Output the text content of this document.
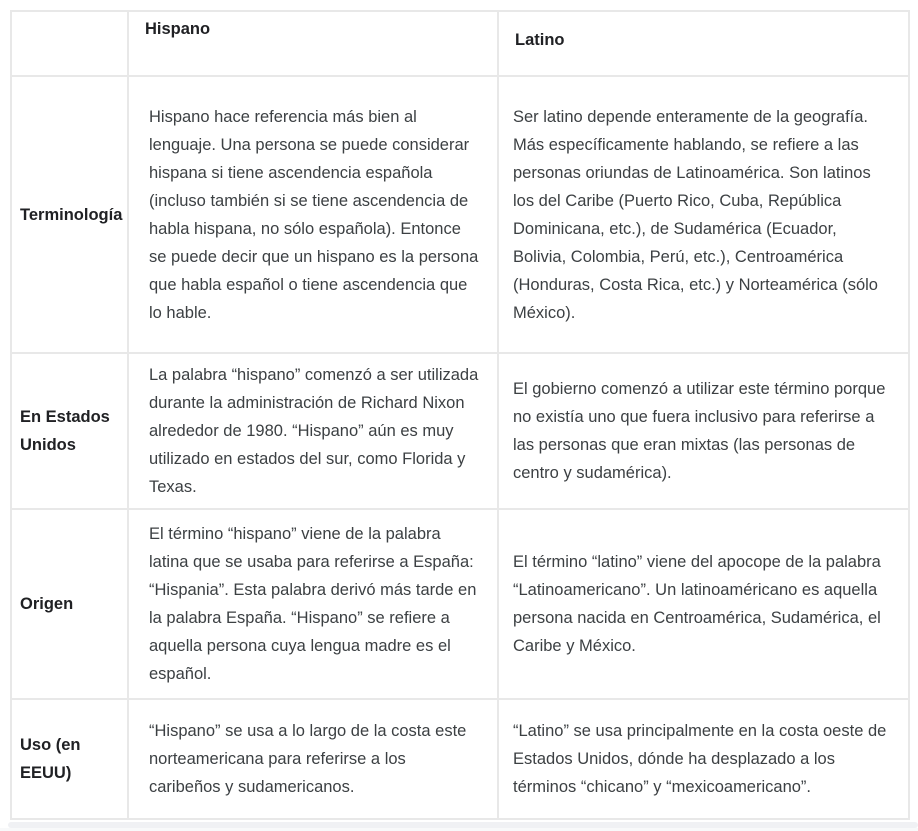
	Hispano	Latino

Terminología	Hispano hace referencia más bien al lenguaje. Una persona se puede considerar hispana si tiene ascendencia española (incluso también si se tiene ascendencia de habla hispana, no sólo española). Entonce se puede decir que un hispano es la persona que habla español o tiene ascendencia que lo hable.	Ser latino depende enteramente de la geografía. Más específicamente hablando, se refiere a las personas oriundas de Latinoamérica. Son latinos los del Caribe (Puerto Rico, Cuba, República Dominicana, etc.), de Sudamérica (Ecuador, Bolivia, Colombia, Perú, etc.), Centroamérica (Honduras, Costa Rica, etc.) y Norteamérica (sólo México).
En Estados Unidos	La palabra “hispano” comenzó a ser utilizada durante la administración de Richard Nixon alrededor de 1980. “Hispano” aún es muy utilizado en estados del sur, como Florida y Texas.	El gobierno comenzó a utilizar este término porque no existía uno que fuera inclusivo para referirse a las personas que eran mixtas (las personas de centro y sudamérica).
Origen	El término “hispano” viene de la palabra latina que se usaba para referirse a España: “Hispania”. Esta palabra derivó más tarde en la palabra España. “Hispano” se refiere a aquella persona cuya lengua madre es el español.	El término “latino” viene del apocope de la palabra “Latinoamericano”. Un latinoaméricano es aquella persona nacida en Centroamérica, Sudamérica, el Caribe y México.
Uso (en EEUU)	“Hispano” se usa a lo largo de la costa este norteamericana para referirse a los caribeños y sudamericanos.	“Latino” se usa principalmente en la costa oeste de Estados Unidos, dónde ha desplazado a los términos “chicano” y “mexicoamericano”.
